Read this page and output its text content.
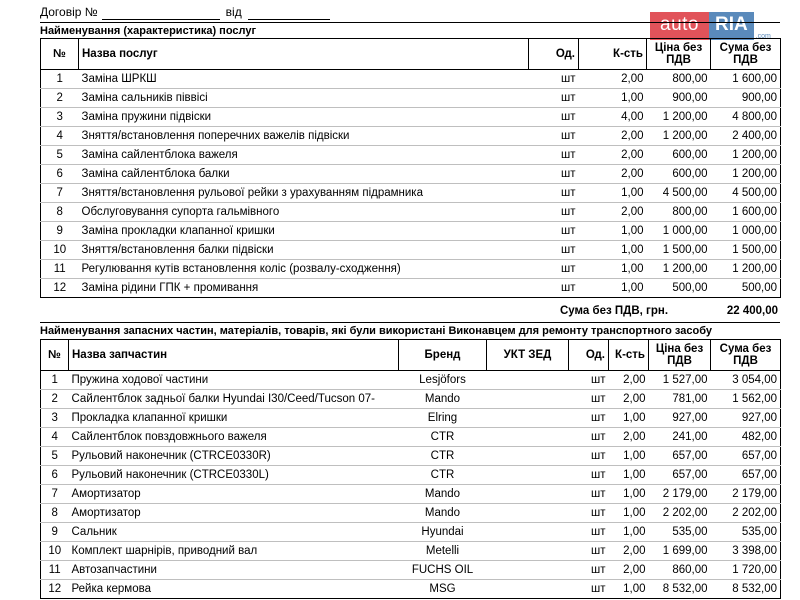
Договір №	від
auto RIA
.com
Найменування (характеристика) послуг
№	Назва послуг	Од.	К-сть	Ціна без ПДВ	Сума без ПДВ
1	Заміна ШРКШ	шт	2,00	800,00	1 600,00
2	Заміна сальників піввісі	шт	1,00	900,00	900,00
3	Заміна пружини підвіски	шт	4,00	1 200,00	4 800,00
4	Зняття/встановлення поперечних важелів підвіски	шт	2,00	1 200,00	2 400,00
5	Заміна сайлентблока важеля	шт	2,00	600,00	1 200,00
6	Заміна сайлентблока балки	шт	2,00	600,00	1 200,00
7	Зняття/встановлення рульової рейки з урахуванням підрамника	шт	1,00	4 500,00	4 500,00
8	Обслуговування супорта гальмівного	шт	2,00	800,00	1 600,00
9	Заміна прокладки клапанної кришки	шт	1,00	1 000,00	1 000,00
10	Зняття/встановлення балки підвіски	шт	1,00	1 500,00	1 500,00
11	Регулювання кутів встановлення коліс (розвалу-сходження)	шт	1,00	1 200,00	1 200,00
12	Заміна рідини ГПК + промивання	шт	1,00	500,00	500,00
Сума без ПДВ, грн.	22 400,00
Найменування запасних частин, матеріалів, товарів, які були використані Виконавцем для ремонту транспортного засобу
№	Назва запчастин	Бренд	УКТ ЗЕД	Од.	К-сть	Ціна без ПДВ	Сума без ПДВ
1	Пружина ходової частини	Lesjöfors		шт	2,00	1 527,00	3 054,00
2	Сайлентблок задньої балки Hyundai I30/Ceed/Tucson 07-	Mando		шт	2,00	781,00	1 562,00
3	Прокладка клапанної кришки	Elring		шт	1,00	927,00	927,00
4	Сайлентблок повздовжнього важеля	CTR		шт	2,00	241,00	482,00
5	Рульовий наконечник (CTRCE0330R)	CTR		шт	1,00	657,00	657,00
6	Рульовий наконечник (CTRCE0330L)	CTR		шт	1,00	657,00	657,00
7	Амортизатор	Mando		шт	1,00	2 179,00	2 179,00
8	Амортизатор	Mando		шт	1,00	2 202,00	2 202,00
9	Сальник	Hyundai		шт	1,00	535,00	535,00
10	Комплект шарнірів, приводний вал	Metelli		шт	2,00	1 699,00	3 398,00
11	Автозапчастини	FUCHS OIL		шт	2,00	860,00	1 720,00
12	Рейка кермова	MSG		шт	1,00	8 532,00	8 532,00
